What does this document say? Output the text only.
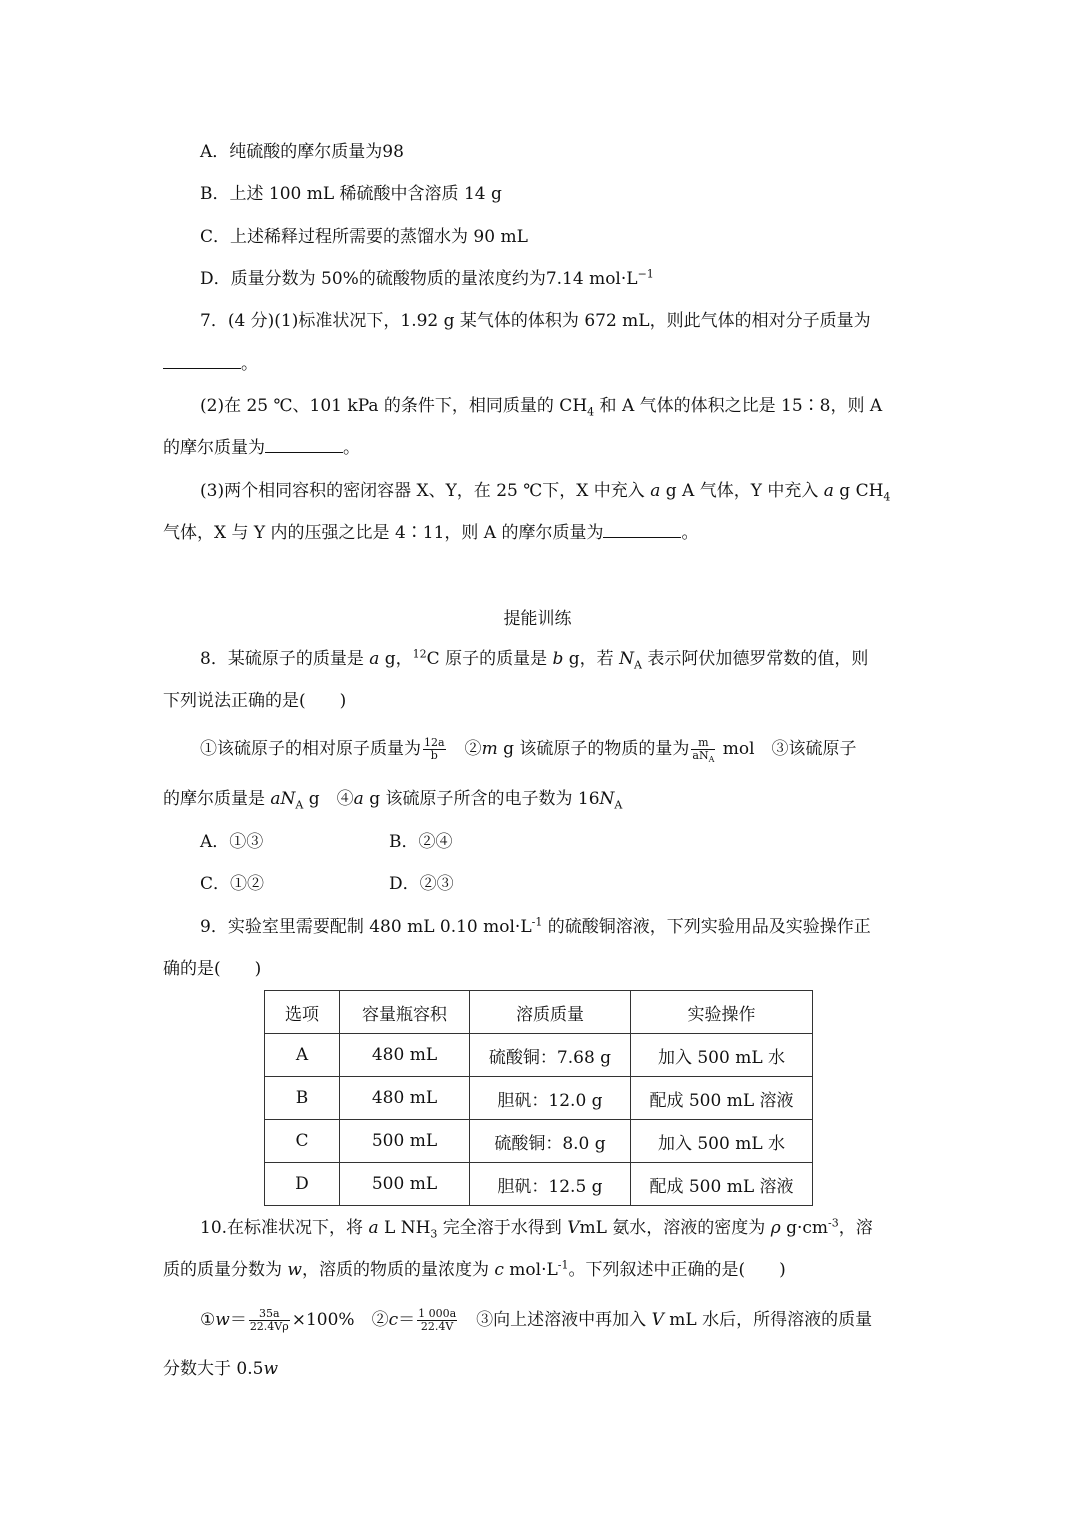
A．纯硫酸的摩尔质量为98
B．上述 100 mL 稀硫酸中含溶质 14 g
C．上述稀释过程所需要的蒸馏水为 90 mL
D．质量分数为 50%的硫酸物质的量浓度约为7.14 $mol\cdot L^{-1}$
7．(4 分)(1)标准状况下，1.92 g 某气体的体积为 672 mL，则此气体的相对分子质量为
。
(2)在 25 ℃、101 kPa 的条件下，相同质量的 $CH_4$ 和 A 气体的体积之比是 15∶8，则 A
的摩尔质量为	。
(3)两个相同容积的密闭容器 X、Y，在 25 ℃下，X 中充入 a g A 气体，Y 中充入 a g $CH_4$
气体，X 与 Y 内的压强之比是 4∶11，则 A 的摩尔质量为	。
提能训练
8．某硫原子的质量是 a g，$^{12}$C 原子的质量是 b g，若 $N_A$ 表示阿伏加德罗常数的值，则
下列说法正确的是(　　)
①该硫原子的相对原子质量为 $\frac{12a}{b}$ 　②m g 该硫原子的物质的量为 $\frac{m}{aN_A}$ mol　③该硫原子
的摩尔质量是 $aN_A$ g　④a g 该硫原子所含的电子数为 $16N_A$
A．①③	B．②④
C．①②	D．②③
9．实验室里需要配制 480 mL 0.10 $mol\cdot L^{-1}$ 的硫酸铜溶液，下列实验用品及实验操作正
确的是(　　)
选项	容量瓶容积	溶质质量	实验操作
A	480 mL	硫酸铜：7.68 g	加入 500 mL 水
B	480 mL	胆矾：12.0 g	配成 500 mL 溶液
C	500 mL	硫酸铜：8.0 g	加入 500 mL 水
D	500 mL	胆矾：12.5 g	配成 500 mL 溶液
10.在标准状况下，将 a L $NH_3$ 完全溶于水得到 VmL 氨水，溶液的密度为 ρ $g\cdot cm^{-3}$，溶
质的质量分数为 w，溶质的物质的量浓度为 c $mol\cdot L^{-1}$。下列叙述中正确的是(　　)
①w＝ $\frac{35a}{22.4V\rho} \times 100\%$　②c＝ $\frac{1 000a}{22.4V}$ 　③向上述溶液中再加入 V mL 水后，所得溶液的质量
分数大于 0.5w
